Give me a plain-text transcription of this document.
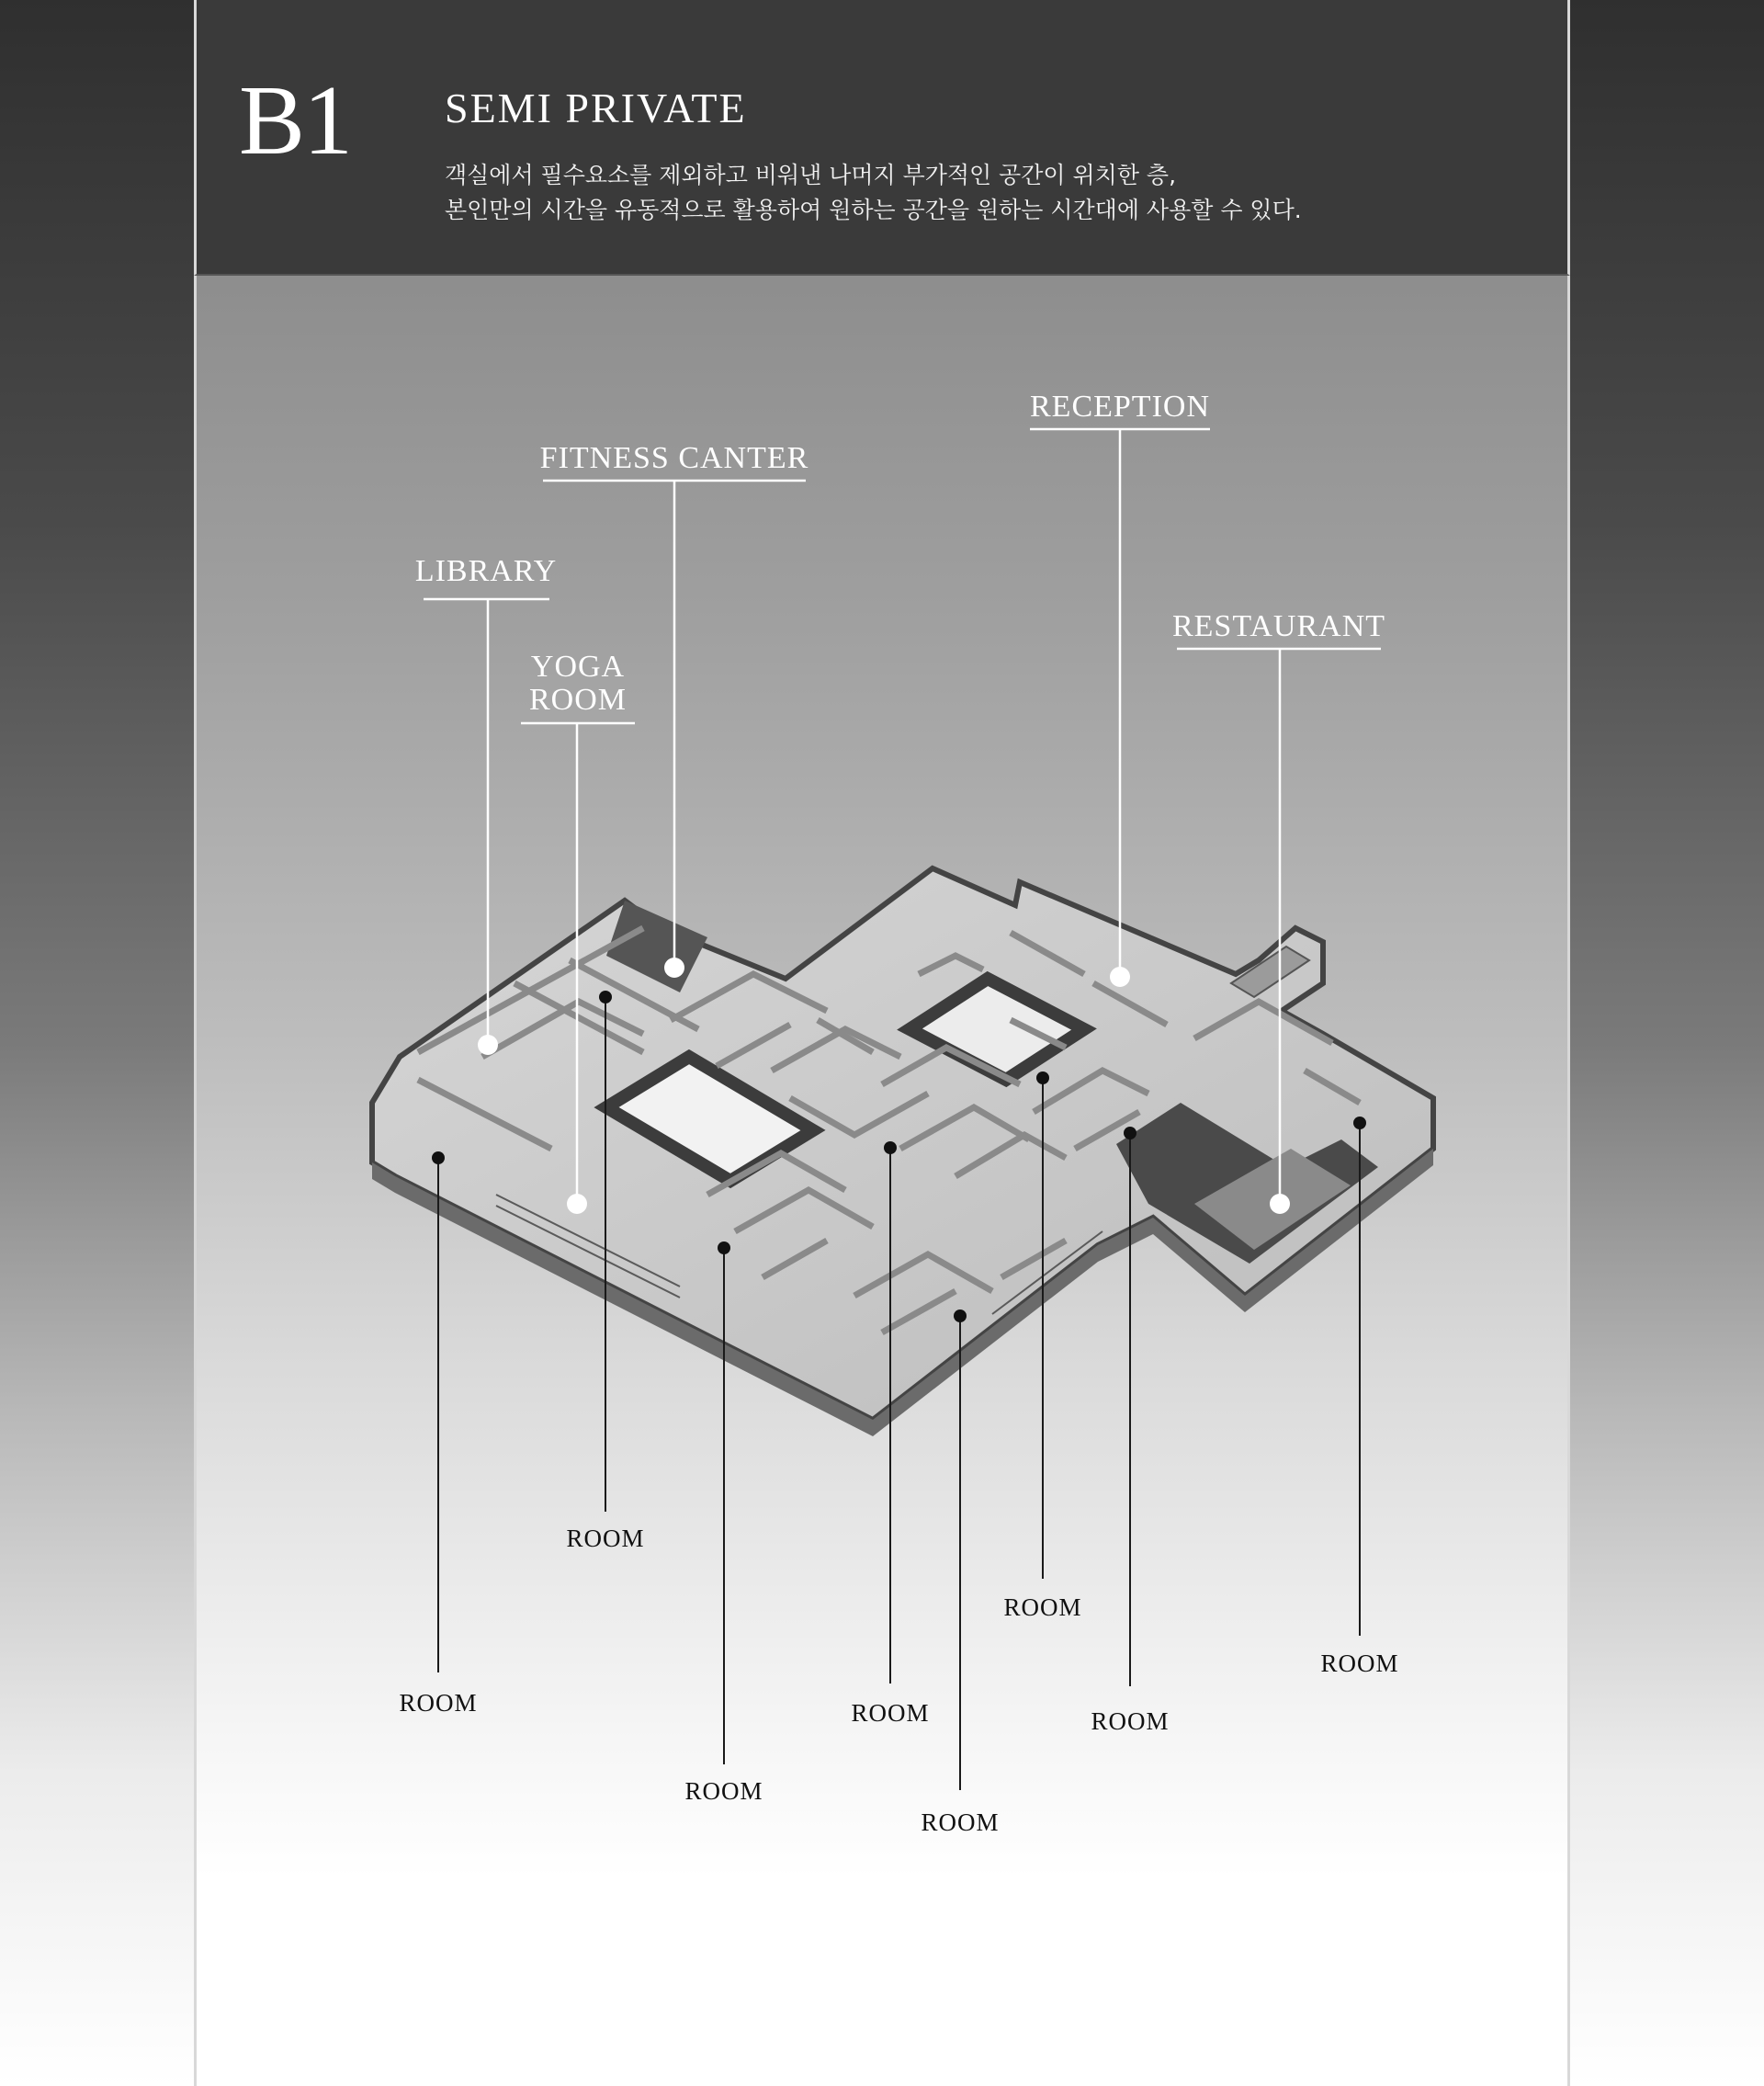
B1 SEMI PRIVATE
객실에서 필수요소를 제외하고 비워낸 나머지 부가적인 공간이 위치한 층,
본인만의 시간을 유동적으로 활용하여 원하는 공간을 원하는 시간대에 사용할 수 있다.
LIBRARY
YOGA
ROOM
FITNESS CANTER
RECEPTION
RESTAURANT
ROOM
ROOM
ROOM
ROOM
ROOM
ROOM
ROOM
ROOM
